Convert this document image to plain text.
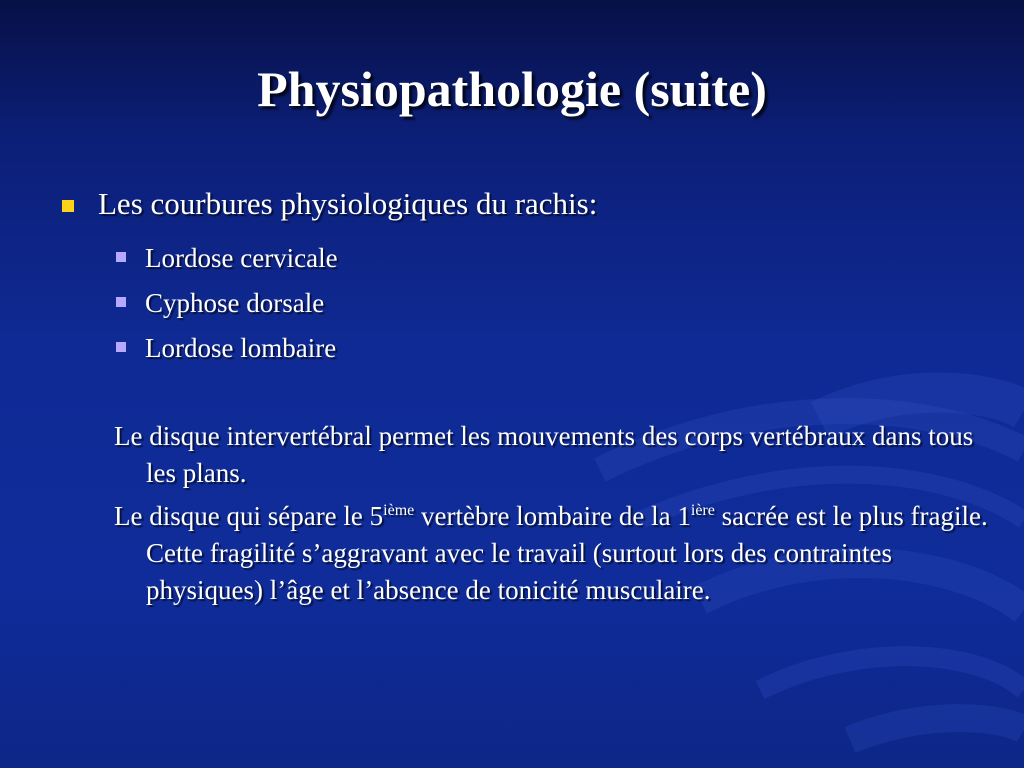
Physiopathologie (suite)
Les courbures physiologiques du rachis:
Lordose cervicale
Cyphose dorsale
Lordose lombaire

Le disque intervertébral permet les mouvements des corps vertébraux dans tous les plans.

Le disque qui sépare le 5ième vertèbre lombaire de la $1^{ière}$ sacrée est le plus fragile. Cette fragilité s’aggravant avec le travail (surtout lors des contraintes physiques) l’âge et l’absence de tonicité musculaire.
